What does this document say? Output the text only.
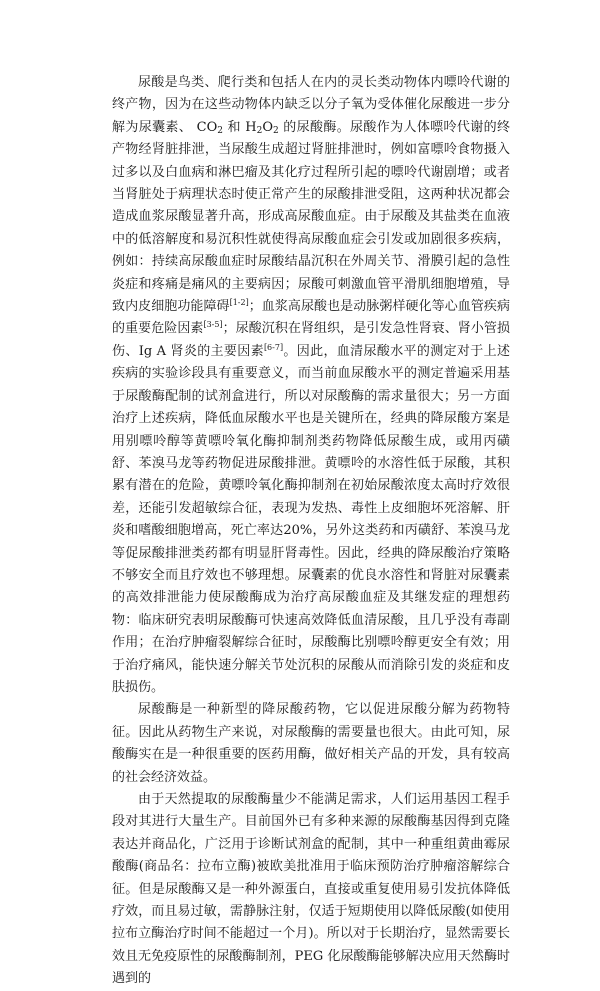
尿酸是鸟类、爬行类和包括人在内的灵长类动物体内嘌呤代谢的终产物，因为在这些动物体内缺乏以分子氧为受体催化尿酸进一步分解为尿囊素、 $CO_2$ 和 $H_2O_2$ 的尿酸酶。尿酸作为人体嘌呤代谢的终产物经肾脏排泄，当尿酸生成超过肾脏排泄时，例如富嘌呤食物摄入过多以及白血病和淋巴瘤及其化疗过程所引起的嘌呤代谢剧增；或者当肾脏处于病理状态时使正常产生的尿酸排泄受阻，这两种状况都会造成血浆尿酸显著升高，形成高尿酸血症。由于尿酸及其盐类在血液中的低溶解度和易沉积性就使得高尿酸血症会引发或加剧很多疾病，例如：持续高尿酸血症时尿酸结晶沉积在外周关节、滑膜引起的急性炎症和疼痛是痛风的主要病因；尿酸可刺激血管平滑肌细胞增殖，导致内皮细胞功能障碍[1-2]；血浆高尿酸也是动脉粥样硬化等心血管疾病的重要危险因素[3-5]；尿酸沉积在肾组织，是引发急性肾衰、肾小管损伤、Ig A 肾炎的主要因素[6-7]。因此，血清尿酸水平的测定对于上述疾病的实验诊段具有重要意义，而当前血尿酸水平的测定普遍采用基于尿酸酶配制的试剂盒进行，所以对尿酸酶的需求量很大；另一方面治疗上述疾病，降低血尿酸水平也是关键所在，经典的降尿酸方案是用别嘌呤醇等黄嘌呤氧化酶抑制剂类药物降低尿酸生成，或用丙磺舒、苯溴马龙等药物促进尿酸排泄。黄嘌呤的水溶性低于尿酸，其积累有潜在的危险，黄嘌呤氧化酶抑制剂在初始尿酸浓度太高时疗效很差，还能引发超敏综合征，表现为发热、毒性上皮细胞坏死溶解、肝炎和嗜酸细胞增高，死亡率达20%，另外这类药和丙磺舒、苯溴马龙等促尿酸排泄类药都有明显肝肾毒性。因此，经典的降尿酸治疗策略不够安全而且疗效也不够理想。尿囊素的优良水溶性和肾脏对尿囊素的高效排泄能力使尿酸酶成为治疗高尿酸血症及其继发症的理想药物：临床研究表明尿酸酶可快速高效降低血清尿酸，且几乎没有毒副作用；在治疗肿瘤裂解综合征时，尿酸酶比别嘌呤醇更安全有效；用于治疗痛风，能快速分解关节处沉积的尿酸从而消除引发的炎症和皮肤损伤。

尿酸酶是一种新型的降尿酸药物，它以促进尿酸分解为药物特征。因此从药物生产来说，对尿酸酶的需要量也很大。由此可知，尿酸酶实在是一种很重要的医药用酶，做好相关产品的开发，具有较高的社会经济效益。

由于天然提取的尿酸酶量少不能满足需求，人们运用基因工程手段对其进行大量生产。目前国外已有多种来源的尿酸酶基因得到克隆表达并商品化，广泛用于诊断试剂盒的配制，其中一种重组黄曲霉尿酸酶(商品名：拉布立酶)被欧美批准用于临床预防治疗肿瘤溶解综合征。但是尿酸酶又是一种外源蛋白，直接或重复使用易引发抗体降低疗效，而且易过敏，需静脉注射，仅适于短期使用以降低尿酸(如使用拉布立酶治疗时间不能超过一个月)。所以对于长期治疗，显然需要长效且无免疫原性的尿酸酶制剂，PEG 化尿酸酶能够解决应用天然酶时遇到的
